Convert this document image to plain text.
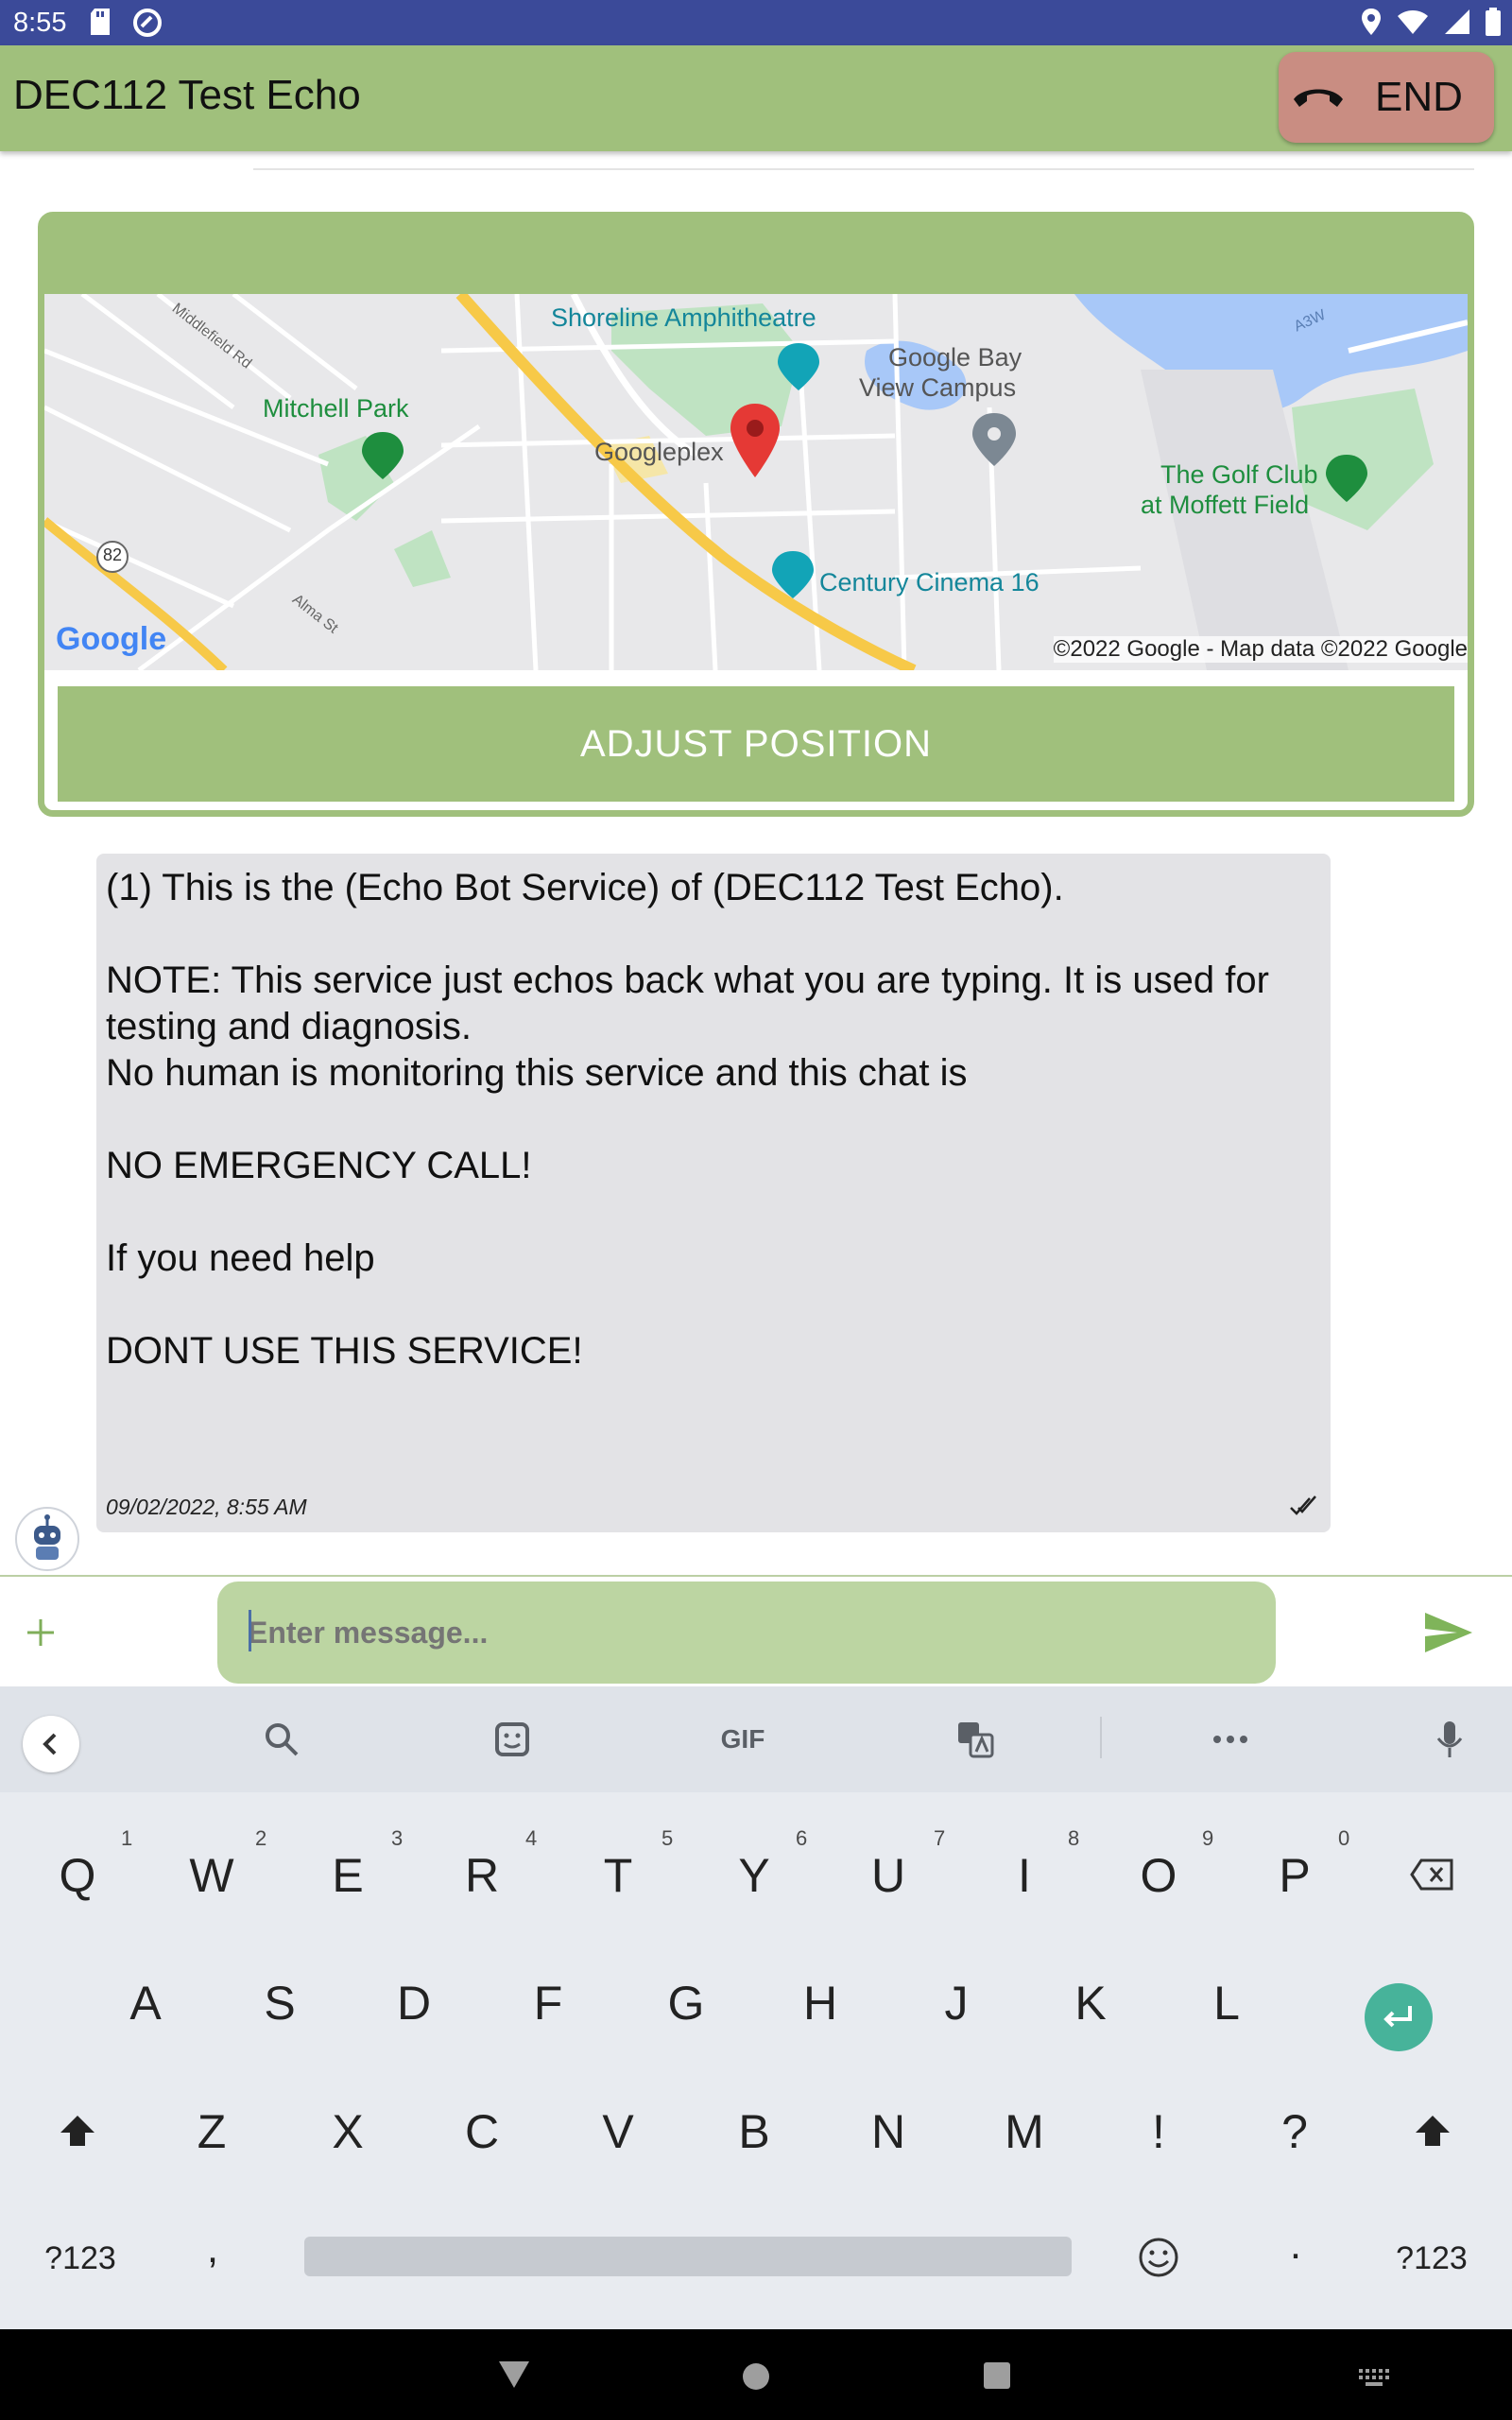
8:55
DEC112 Test Echo	END
Shoreline Amphitheatre
Google Bay
View Campus
Mitchell Park
Googleplex
The Golf Club
at Moffett Field
Century Cinema 16
Middlefield Rd
Alma St
82
A3W
Google	©2022 Google - Map data ©2022 Google
ADJUST POSITION
(1) This is the (Echo Bot Service) of (DEC112 Test Echo).

NOTE: This service just echos back what you are typing. It is used for testing and diagnosis.
No human is monitoring this service and this chat is

NO EMERGENCY CALL!

If you need help

DONT USE THIS SERVICE!
09/02/2022, 8:55 AM
Enter message...
GIF
Q W E R T Y U	I	O P
1	2	3	4	5	6	7	8	9	0
A S D F G H J K L
Z X C V B N M	!	?
?123	,	.	?123
